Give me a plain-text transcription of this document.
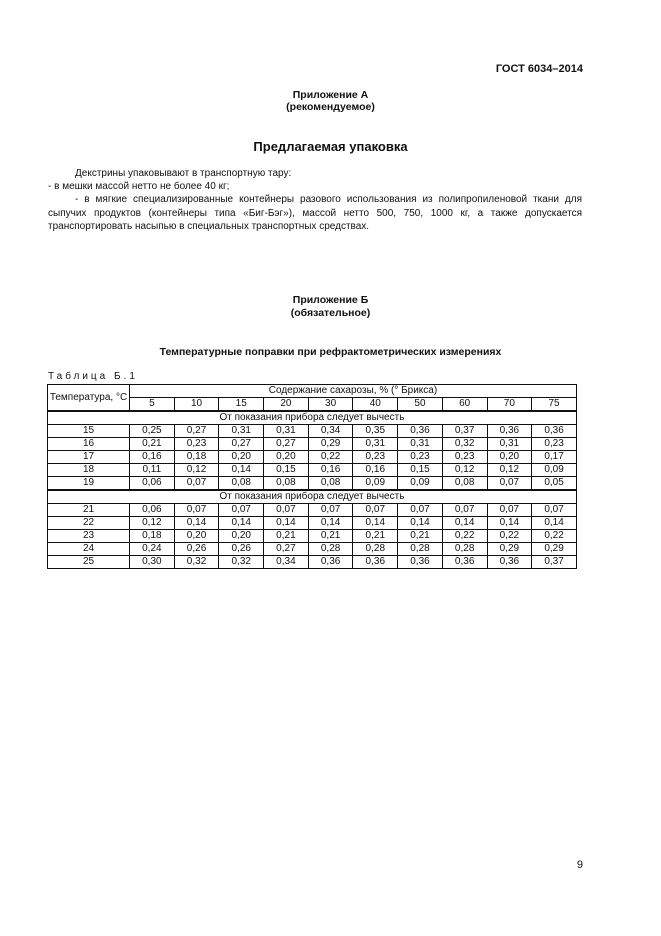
ГОСТ 6034–2014
Приложение А
(рекомендуемое)
Предлагаемая упаковка
Декстрины упаковывают в транспортную тару:
- в мешки массой нетто не более 40 кг;
- в мягкие специализированные контейнеры разового использования из полипропиленовой ткани для сыпучих продуктов (контейнеры типа «Биг-Бэг»), массой нетто 500, 750, 1000 кг, а также допускается транспортировать насыпью в специальных транспортных средствах.
Приложение Б
(обязательное)
Температурные поправки при рефрактометрических измерениях
Таблица Б.1
Температура, °С	Содержание сахарозы, % (° Брикса)									
	5	10	15	20	30	40	50	60	70	75
От показания прибора следует вычесть										
15	0,25	0,27	0,31	0,31	0,34	0,35	0,36	0,37	0,36	0,36
16	0,21	0,23	0,27	0,27	0,29	0,31	0,31	0,32	0,31	0,23
17	0,16	0,18	0,20	0,20	0,22	0,23	0,23	0,23	0,20	0,17
18	0,11	0,12	0,14	0,15	0,16	0,16	0,15	0,12	0,12	0,09
19	0,06	0,07	0,08	0,08	0,08	0,09	0,09	0,08	0,07	0,05
От показания прибора следует вычесть										
21	0,06	0,07	0,07	0,07	0,07	0,07	0,07	0,07	0,07	0,07
22	0,12	0,14	0,14	0,14	0,14	0,14	0,14	0,14	0,14	0,14
23	0,18	0,20	0,20	0,21	0,21	0,21	0,21	0,22	0,22	0,22
24	0,24	0,26	0,26	0,27	0,28	0,28	0,28	0,28	0,29	0,29
25	0,30	0,32	0,32	0,34	0,36	0,36	0,36	0,36	0,36	0,37
9
